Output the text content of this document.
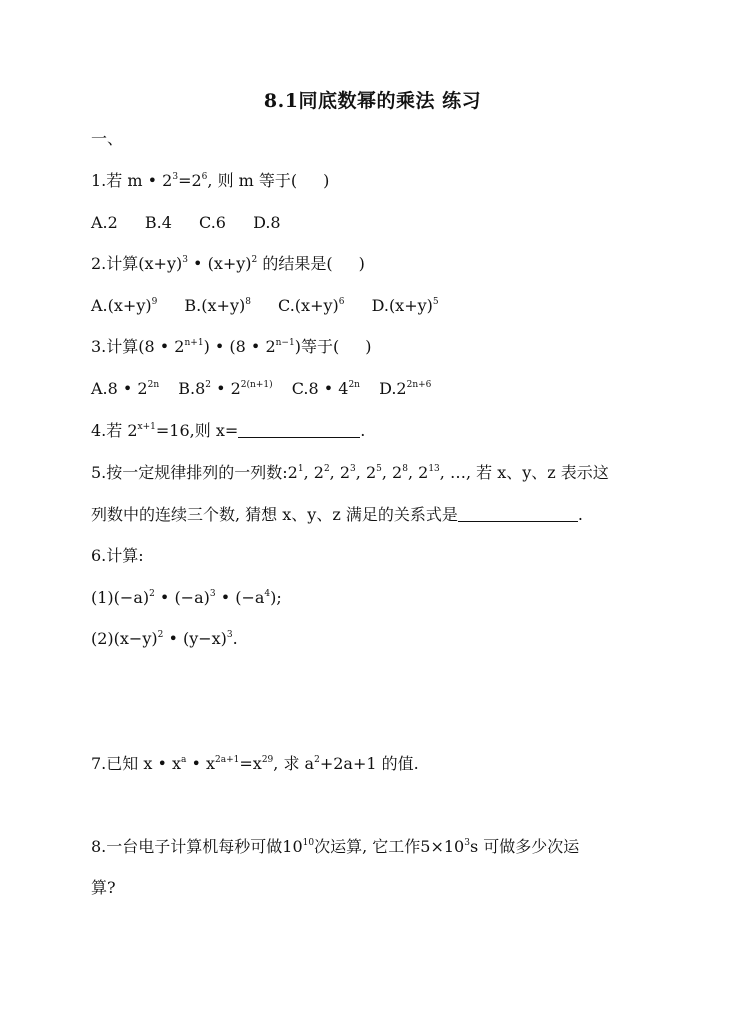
8.1同底数幂的乘法 练习
一、
1.若 m • $2^3=2^6$, 则 m 等于( )
A.2 B.4 C.6 D.8
2.计算$(x+y)^3$ • $(x+y)^2$ 的结果是( )
$A.(x+y)^9$ $B.(x+y)^8$ $C.(x+y)^6$ $D.(x+y)^5$
3.计算(8 • $2^{n+1}$) • (8 • $2^{n-1}$)等于( )
A.8 • $2^{2n}$ $B.8^2$ • $2^{2(n+1)}$ C.8 • $4^{2n}$ $D.2^{2n+6}$
4.若 $2^{x+1}=16$,则 x=	.
5.按一定规律排列的一列数$:2^1$, $2^2$, $2^3$, $2^5$, $2^8$, $2^{13}$, …, 若 x、y、z 表示这
列数中的连续三个数, 猜想 x、y、z 满足的关系式是	.
6.计算:
$(1)(-a)^2$ • $(-a)^3$ • $(-a^4)$;
$(2)(x-y)^2$ • $(y-x)^3$.
7.已知 x • $x^a$ • $x^{2a+1}=x^{29}$, 求 $a^2+2a+1$ 的值.
8.一台电子计算机每秒可做$10^{10}$次运算, 它工作$5\times 10^3s$ 可做多少次运
算?
